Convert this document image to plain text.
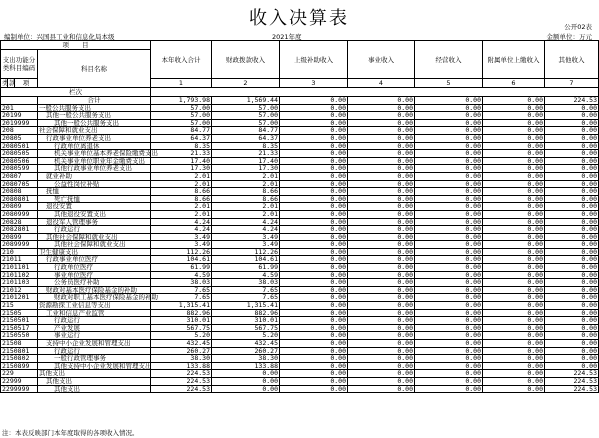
收入决算表	公开02表
编制单位：兴国县工业和信息化局本级	2021年度	金额单位：万元
项　　目				本年收入合计	财政拨款收入	上级补助收入	事业收入	经营收入	附属单位上缴收入	其他收入
支出功能分类科目编码			科目名称							
类	款	项		1	2	3	4	5	6	7
栏次										
			合计	1,793.98	1,569.44	0.00	0.00	0.00	0.00	224.53
201			一般公共服务支出	57.00	57.00	0.00	0.00	0.00	0.00	0.00
20199			其他一般公共服务支出	57.00	57.00	0.00	0.00	0.00	0.00	0.00
2019999			其他一般公共服务支出	57.00	57.00	0.00	0.00	0.00	0.00	0.00
208			社会保障和就业支出	84.77	84.77	0.00	0.00	0.00	0.00	0.00
20805			行政事业单位养老支出	64.37	64.37	0.00	0.00	0.00	0.00	0.00
2080501			行政单位离退休	8.35	8.35	0.00	0.00	0.00	0.00	0.00
2080505			机关事业单位基本养老保险缴费支出	21.33	21.33	0.00	0.00	0.00	0.00	0.00
2080506			机关事业单位职业年金缴费支出	17.40	17.40	0.00	0.00	0.00	0.00	0.00
2080599			其他行政事业单位养老支出	17.30	17.30	0.00	0.00	0.00	0.00	0.00
20807			就业补助	2.01	2.01	0.00	0.00	0.00	0.00	0.00
2080705			公益性岗位补贴	2.01	2.01	0.00	0.00	0.00	0.00	0.00
20808			抚恤	8.66	8.66	0.00	0.00	0.00	0.00	0.00
2080801			死亡抚恤	8.66	8.66	0.00	0.00	0.00	0.00	0.00
20809			退役安置	2.01	2.01	0.00	0.00	0.00	0.00	0.00
2080999			其他退役安置支出	2.01	2.01	0.00	0.00	0.00	0.00	0.00
20828			退役军人管理事务	4.24	4.24	0.00	0.00	0.00	0.00	0.00
2082801			行政运行	4.24	4.24	0.00	0.00	0.00	0.00	0.00
20899			其他社会保障和就业支出	3.49	3.49	0.00	0.00	0.00	0.00	0.00
2089999			其他社会保障和就业支出	3.49	3.49	0.00	0.00	0.00	0.00	0.00
210			卫生健康支出	112.26	112.26	0.00	0.00	0.00	0.00	0.00
21011			行政事业单位医疗	104.61	104.61	0.00	0.00	0.00	0.00	0.00
2101101			行政单位医疗	61.99	61.99	0.00	0.00	0.00	0.00	0.00
2101102			事业单位医疗	4.59	4.59	0.00	0.00	0.00	0.00	0.00
2101103			公务员医疗补助	38.03	38.03	0.00	0.00	0.00	0.00	0.00
21012			财政对基本医疗保险基金的补助	7.65	7.65	0.00	0.00	0.00	0.00	0.00
2101201			财政对职工基本医疗保险基金的补助	7.65	7.65	0.00	0.00	0.00	0.00	0.00
215			资源勘探工业信息等支出	1,315.41	1,315.41	0.00	0.00	0.00	0.00	0.00
21505			工业和信息产业监管	882.96	882.96	0.00	0.00	0.00	0.00	0.00
2150501			行政运行	310.01	310.01	0.00	0.00	0.00	0.00	0.00
2150517			产业发展	567.75	567.75	0.00	0.00	0.00	0.00	0.00
2150550			事业运行	5.20	5.20	0.00	0.00	0.00	0.00	0.00
21508			支持中小企业发展和管理支出	432.45	432.45	0.00	0.00	0.00	0.00	0.00
2150801			行政运行	260.27	260.27	0.00	0.00	0.00	0.00	0.00
2150802			一般行政管理事务	38.30	38.30	0.00	0.00	0.00	0.00	0.00
2150899			其他支持中小企业发展和管理支出	133.88	133.88	0.00	0.00	0.00	0.00	0.00
229			其他支出	224.53	0.00	0.00	0.00	0.00	0.00	224.53
22999			其他支出	224.53	0.00	0.00	0.00	0.00	0.00	224.53
2299999			其他支出	224.53	0.00	0.00	0.00	0.00	0.00	224.53
注：本表反映部门本年度取得的各项收入情况。
